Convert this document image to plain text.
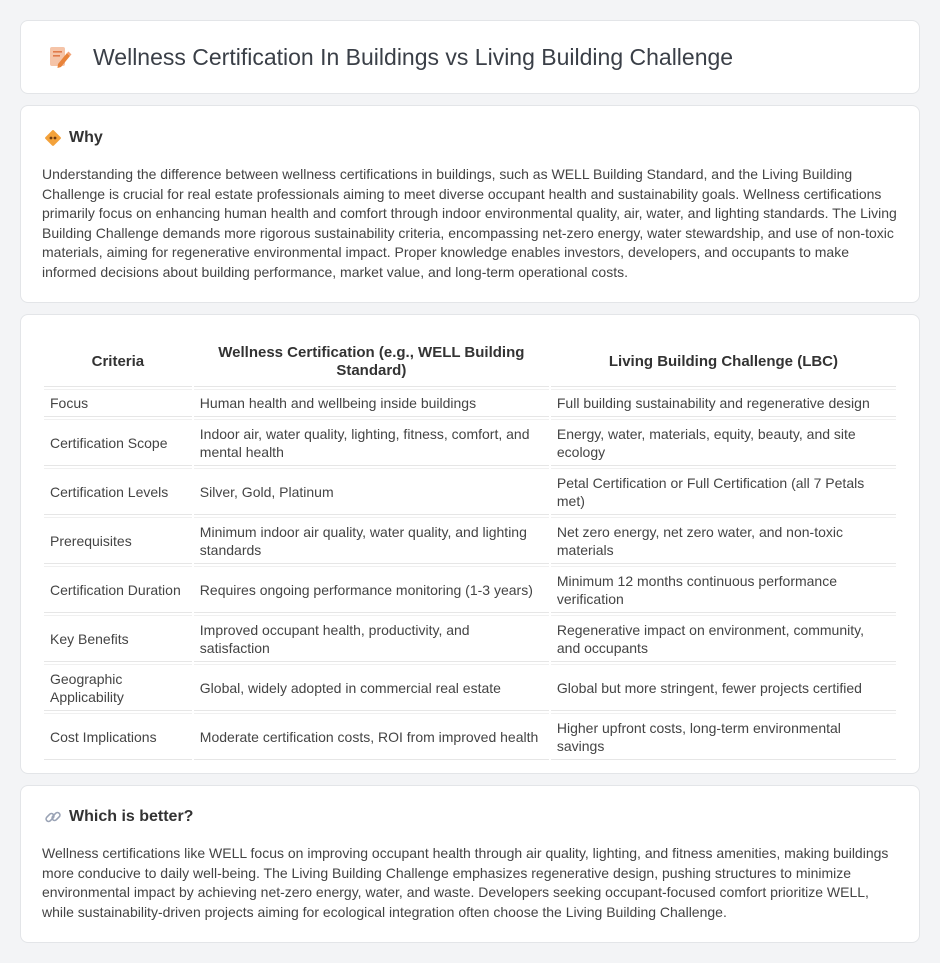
Wellness Certification In Buildings vs Living Building Challenge
Why

Understanding the difference between wellness certifications in buildings, such as WELL Building Standard, and the Living Building Challenge is crucial for real estate professionals aiming to meet diverse occupant health and sustainability goals. Wellness certifications primarily focus on enhancing human health and comfort through indoor environmental quality, air, water, and lighting standards. The Living Building Challenge demands more rigorous sustainability criteria, encompassing net-zero energy, water stewardship, and use of non-toxic materials, aiming for regenerative environmental impact. Proper knowledge enables investors, developers, and occupants to make informed decisions about building performance, market value, and long-term operational costs.

Criteria	Wellness Certification (e.g., WELL Building Standard)	Living Building Challenge (LBC)
Focus	Human health and wellbeing inside buildings	Full building sustainability and regenerative design
Certification Scope	Indoor air, water quality, lighting, fitness, comfort, and mental health	Energy, water, materials, equity, beauty, and site ecology
Certification Levels	Silver, Gold, Platinum	Petal Certification or Full Certification (all 7 Petals met)
Prerequisites	Minimum indoor air quality, water quality, and lighting standards	Net zero energy, net zero water, and non-toxic materials
Certification Duration	Requires ongoing performance monitoring (1-3 years)	Minimum 12 months continuous performance verification
Key Benefits	Improved occupant health, productivity, and satisfaction	Regenerative impact on environment, community, and occupants
Geographic Applicability	Global, widely adopted in commercial real estate	Global but more stringent, fewer projects certified
Cost Implications	Moderate certification costs, ROI from improved health	Higher upfront costs, long-term environmental savings
Which is better?

Wellness certifications like WELL focus on improving occupant health through air quality, lighting, and fitness amenities, making buildings more conducive to daily well-being. The Living Building Challenge emphasizes regenerative design, pushing structures to minimize environmental impact by achieving net-zero energy, water, and waste. Developers seeking occupant-focused comfort prioritize WELL, while sustainability-driven projects aiming for ecological integration often choose the Living Building Challenge.
